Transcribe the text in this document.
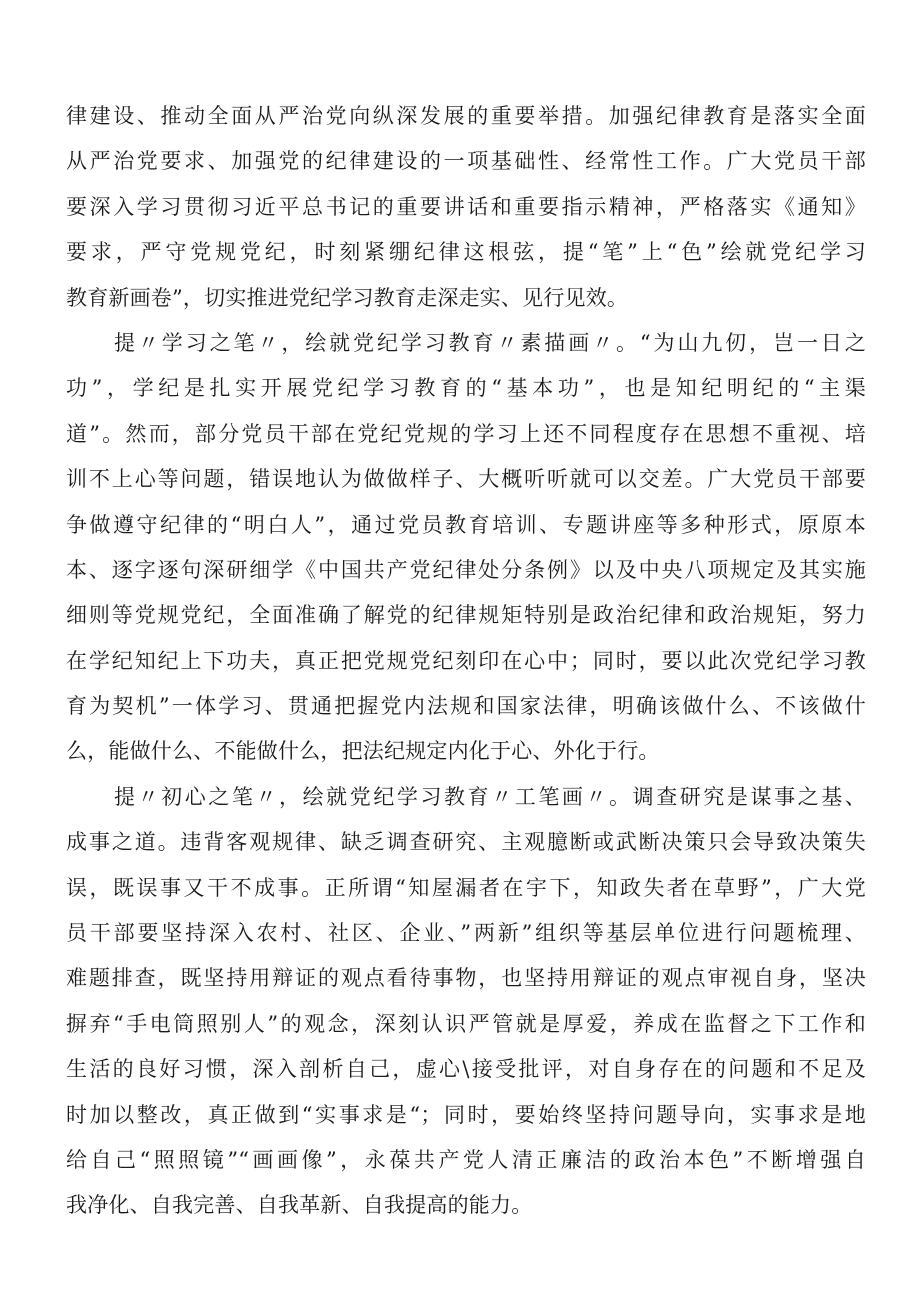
律建设、推动全面从严治党向纵深发展的重要举措。加强纪律教育是落实全面
从严治党要求、加强党的纪律建设的一项基础性、经常性工作。广大党员干部
要深入学习贯彻习近平总书记的重要讲话和重要指示精神，严格落实《通知》
要求，严守党规党纪，时刻紧绷纪律这根弦，提“笔”上“色”绘就党纪学习
教育新画卷”，切实推进党纪学习教育走深走实、见行见效。
提〃学习之笔〃，绘就党纪学习教育〃素描画〃。“为山九仞，岂一日之
功”，学纪是扎实开展党纪学习教育的“基本功”，也是知纪明纪的“主渠
道”。然而，部分党员干部在党纪党规的学习上还不同程度存在思想不重视、培
训不上心等问题，错误地认为做做样子、大概听听就可以交差。广大党员干部要
争做遵守纪律的“明白人”，通过党员教育培训、专题讲座等多种形式，原原本
本、逐字逐句深研细学《中国共产党纪律处分条例》以及中央八项规定及其实施
细则等党规党纪，全面准确了解党的纪律规矩特别是政治纪律和政治规矩，努力
在学纪知纪上下功夫，真正把党规党纪刻印在心中；同时，要以此次党纪学习教
育为契机”一体学习、贯通把握党内法规和国家法律，明确该做什么、不该做什
么，能做什么、不能做什么，把法纪规定内化于心、外化于行。
提〃初心之笔〃，绘就党纪学习教育〃工笔画〃。调查研究是谋事之基、
成事之道。违背客观规律、缺乏调查研究、主观臆断或武断决策只会导致决策失
误，既误事又干不成事。正所谓“知屋漏者在宇下，知政失者在草野”，广大党
员干部要坚持深入农村、社区、企业、”两新”组织等基层单位进行问题梳理、
难题排查，既坚持用辩证的观点看待事物，也坚持用辩证的观点审视自身，坚决
摒弃“手电筒照别人”的观念，深刻认识严管就是厚爱，养成在监督之下工作和
生活的良好习惯，深入剖析自己，虚心\接受批评，对自身存在的问题和不足及
时加以整改，真正做到“实事求是“；同时，要始终坚持问题导向，实事求是地
给自己“照照镜”“画画像”，永葆共产党人清正廉洁的政治本色”不断增强自
我净化、自我完善、自我革新、自我提高的能力。
